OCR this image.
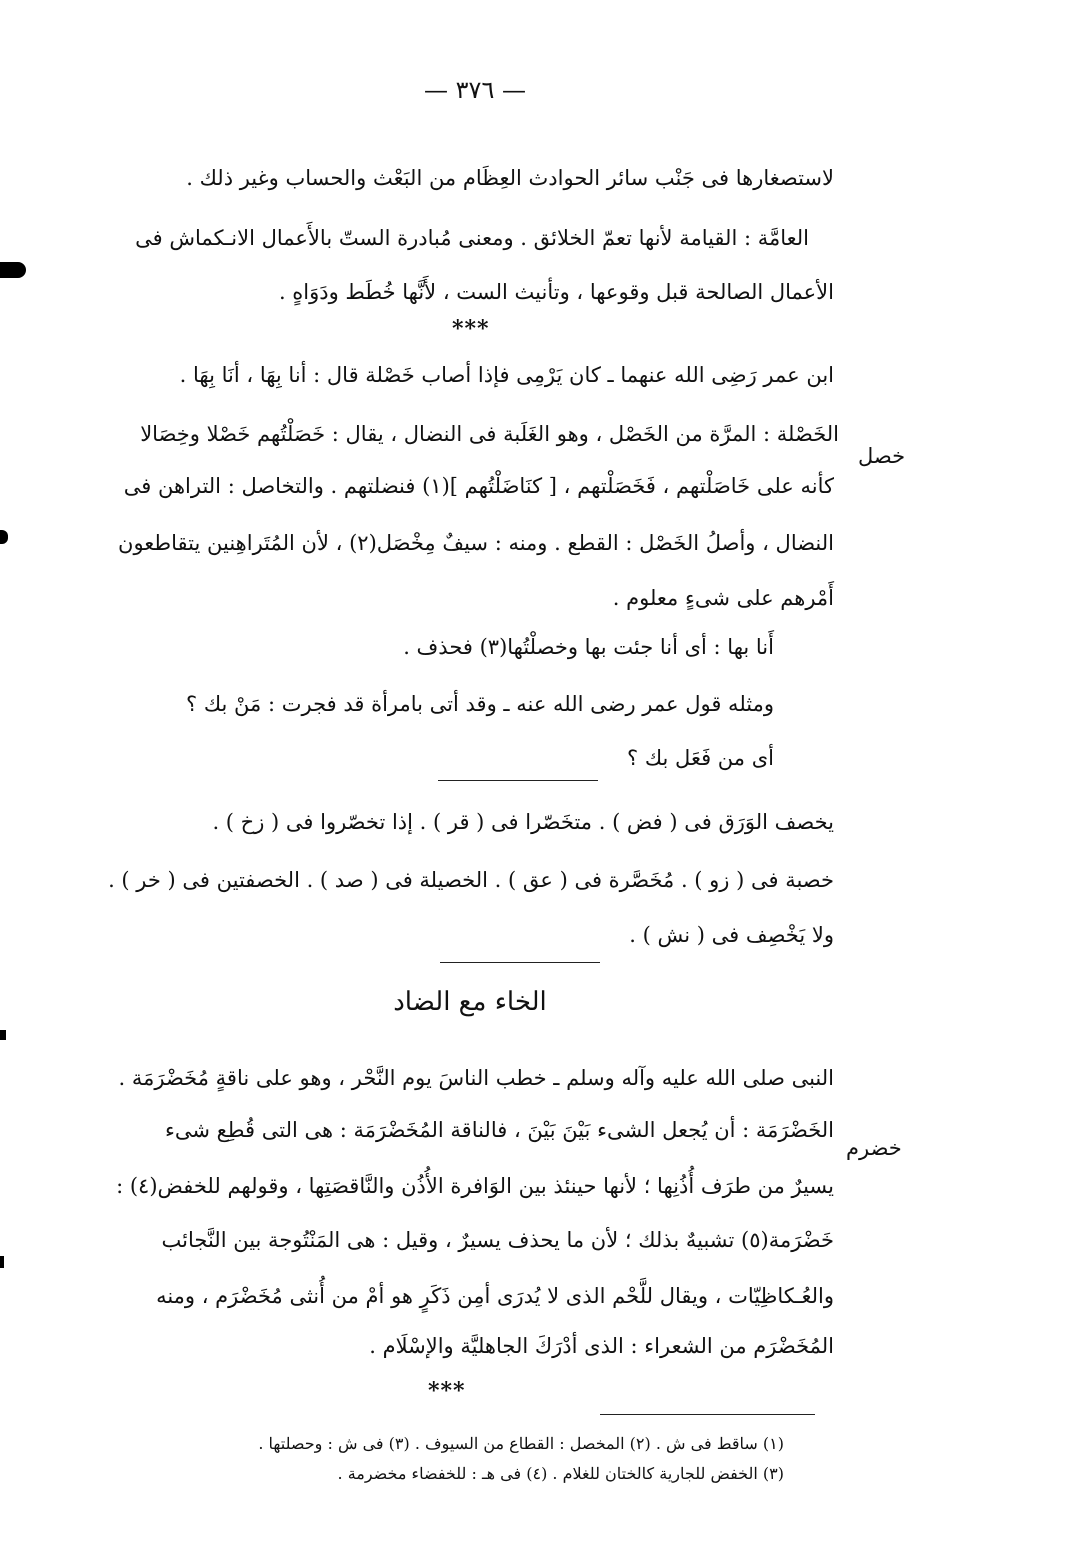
— ٣٧٦ —
لاستصغارها فى جَنْب سائر الحوادث العِظَام من البَعْث والحساب وغير ذلك .
العامَّة : القيامة لأنها تعمّ الخلائق . ومعنى مُبادرة الستّ بالأَعمال الانـكماش فى
الأعمال الصالحة قبل وقوعها ، وتأنيث الست ، لأَنَّها خُطَط ودَوَاهٍ .
***
ابن عمر رَضِى الله عنهما ـ كان يَرْمِى فإذا أصاب خَصْلة قال : أنا بِهَا ، أنَا بِهَا .
الخَصْلة : المرَّة من الخَصْل ، وهو الغَلَبة فى النضال ، يقال : خَصَلْتُهم خَصْلا وخِصَالا
كأنه على خَاصَلْتهم ، فَخَصَلْتهم ، [ كنَاضَلْتُهم ](١) فنضلتهم . والتخاصل : التراهن فى
النضال ، وأصلُ الخَصْل : القطع . ومنه : سيفٌ مِخْصَل(٢) ، لأن المُتَراهِنين يتقاطعون
أَمْرهم على شىءٍ معلوم .
خصل
أَنا بها : أى أنا جئت بها وخصلْتُها(٣) فحذف .
ومثله قول عمر رضى الله عنه ـ وقد أتى بامرأة قد فجرت : مَنْ بك ؟
أى من فَعَل بك ؟
يخصف الوَرَق فى ( فض ) . متخَصّرا فى ( قر ) . إذا تخصّروا فى ( زخ ) .
خصبة فى ( زو ) . مُخَصَّرة فى ( عق ) . الخصيلة فى ( صد ) . الخصفتين فى ( خر ) .
ولا يَخْصِف فى ( نش ) .
الخاء مع الضاد
النبى صلى الله عليه وآله وسلم ـ خطب الناسَ يوم النَّحْر ، وهو على ناقةٍ مُخَضْرَمَة .
الخَضْرَمَة : أن يُجعل الشىء بَيْنَ بَيْنَ ، فالناقة المُخَضْرَمَة : هى التى قُطِع شىء
يسيرٌ من طرَف أُذُنِها ؛ لأنها حينئذ بين الوَافرة الأُذُن والنَّاقصَتِها ، وقولهم للخفض(٤) :
خَضْرَمة(٥) تشبيهٌ بذلك ؛ لأن ما يحذف يسيرٌ ، وقيل : هى المَنْتُوجة بين النَّجائب
والعُـكاظِيّات ، ويقال للَّحْم الذى لا يُدرَى أمِن ذَكَرٍ هو أمْ من أُنثى مُخَضْرَم ، ومنه
المُخَضْرَم من الشعراء : الذى أدْرَكَ الجاهليَّة والإسْلَام .
خضرم
***
(١) ساقط فى ش . (٢) المخصل : القطاع من السيوف . (٣) فى ش : وحصلتها .
(٣) الخفض للجارية كالختان للغلام . (٤) فى هـ : للخفضاء مخضرمة .
